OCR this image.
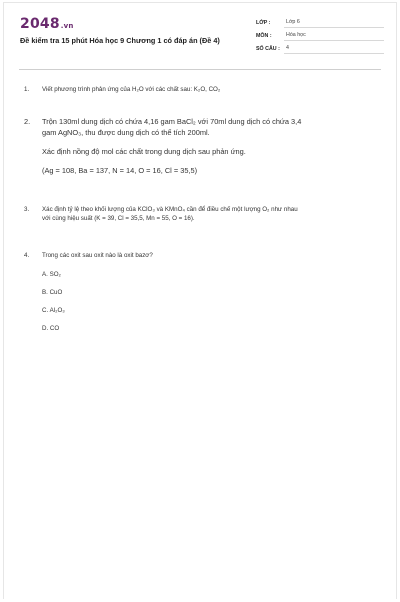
2048.vn
Đề kiểm tra 15 phút Hóa học 9 Chương 1 có đáp án (Đề 4)
LỚP :	Lớp 6
MÔN :	Hóa học
SỐ CÂU :	4
1. Viết phương trình phản ứng của H₂O với các chất sau: K₂O, CO₂
2. Trộn 130ml dung dịch có chứa 4,16 gam BaCl₂ với 70ml dung dịch có chứa 3,4
gam AgNO₃, thu được dung dịch có thể tích 200ml.
Xác định nồng độ mol các chất trong dung dịch sau phản ứng.
(Ag = 108, Ba = 137, N = 14, O = 16, Cl = 35,5)
3. Xác định tỷ lệ theo khối lượng của KClO₃ và KMnO₄ cần để điều chế một lượng O₂ như nhau
với cùng hiệu suất (K = 39, Cl = 35,5, Mn = 55, O = 16).
4. Trong các oxit sau oxit nào là oxit bazơ?
A. SO₂
B. CuO
C. Al₂O₃
D. CO
